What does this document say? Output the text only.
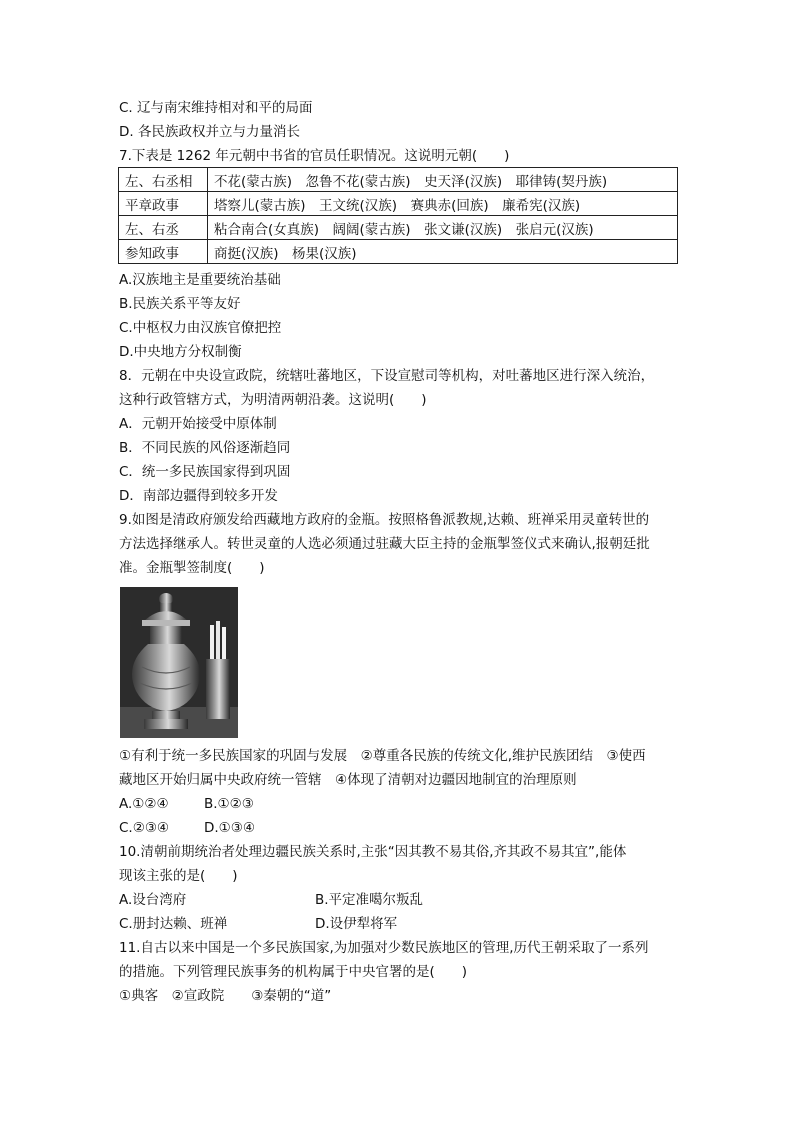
C. 辽与南宋维持相对和平的局面
D. 各民族政权并立与力量消长
7.下表是 1262 年元朝中书省的官员任职情况。这说明元朝(　　)
左、右丞相	不花(蒙古族)　忽鲁不花(蒙古族)　史天泽(汉族)　耶律铸(契丹族)
平章政事	塔察儿(蒙古族)　王文统(汉族)　赛典赤(回族)　廉希宪(汉族)
左、右丞	粘合南合(女真族)　阔阔(蒙古族)　张文谦(汉族)　张启元(汉族)
参知政事	商挺(汉族)　杨果(汉族)
A.汉族地主是重要统治基础
B.民族关系平等友好
C.中枢权力由汉族官僚把控
D.中央地方分权制衡
8．元朝在中央设宣政院，统辖吐蕃地区，下设宣慰司等机构，对吐蕃地区进行深入统治，
这种行政管辖方式，为明清两朝沿袭。这说明(　　)
A．元朝开始接受中原体制
B．不同民族的风俗逐渐趋同
C．统一多民族国家得到巩固
D．南部边疆得到较多开发
9.如图是清政府颁发给西藏地方政府的金瓶。按照格鲁派教规,达赖、班禅采用灵童转世的
方法选择继承人。转世灵童的人选必须通过驻藏大臣主持的金瓶掣签仪式来确认,报朝廷批
准。金瓶掣签制度(　　)
①有利于统一多民族国家的巩固与发展　②尊重各民族的传统文化,维护民族团结　③使西
藏地区开始归属中央政府统一管辖　④体现了清朝对边疆因地制宜的治理原则
A.①②④	B.①②③
C.②③④	D.①③④
10.清朝前期统治者处理边疆民族关系时,主张“因其教不易其俗,齐其政不易其宜”,能体
现该主张的是(　　)
A.设台湾府	B.平定准噶尔叛乱
C.册封达赖、班禅	D.设伊犁将军
11.自古以来中国是一个多民族国家,为加强对少数民族地区的管理,历代王朝采取了一系列
的措施。下列管理民族事务的机构属于中央官署的是(　　)
①典客　②宣政院　　③秦朝的“道”
